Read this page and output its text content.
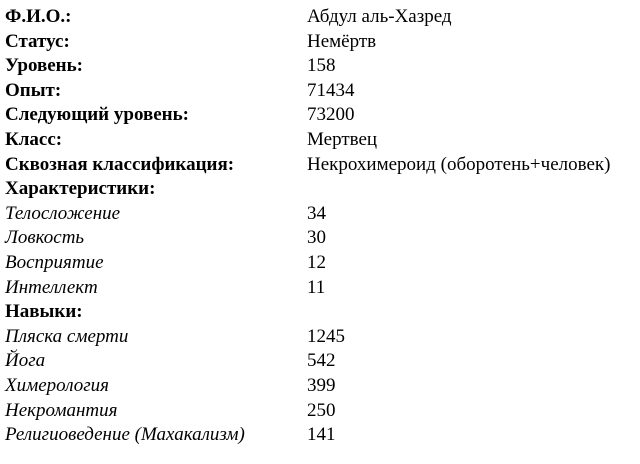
Ф.И.О.:	Абдул аль-Хазред
Статус:	Немёртв
Уровень:	158
Опыт:	71434
Следующий уровень:	73200
Класс:	Мертвец
Сквозная классификация:	Некрохимероид (оборотень+человек)
Характеристики:
Телосложение	34
Ловкость	30
Восприятие	12
Интеллект	11
Навыки:
Пляска смерти	1245
Йога	542
Химерология	399
Некромантия	250
Религиоведение (Махакализм)	141
